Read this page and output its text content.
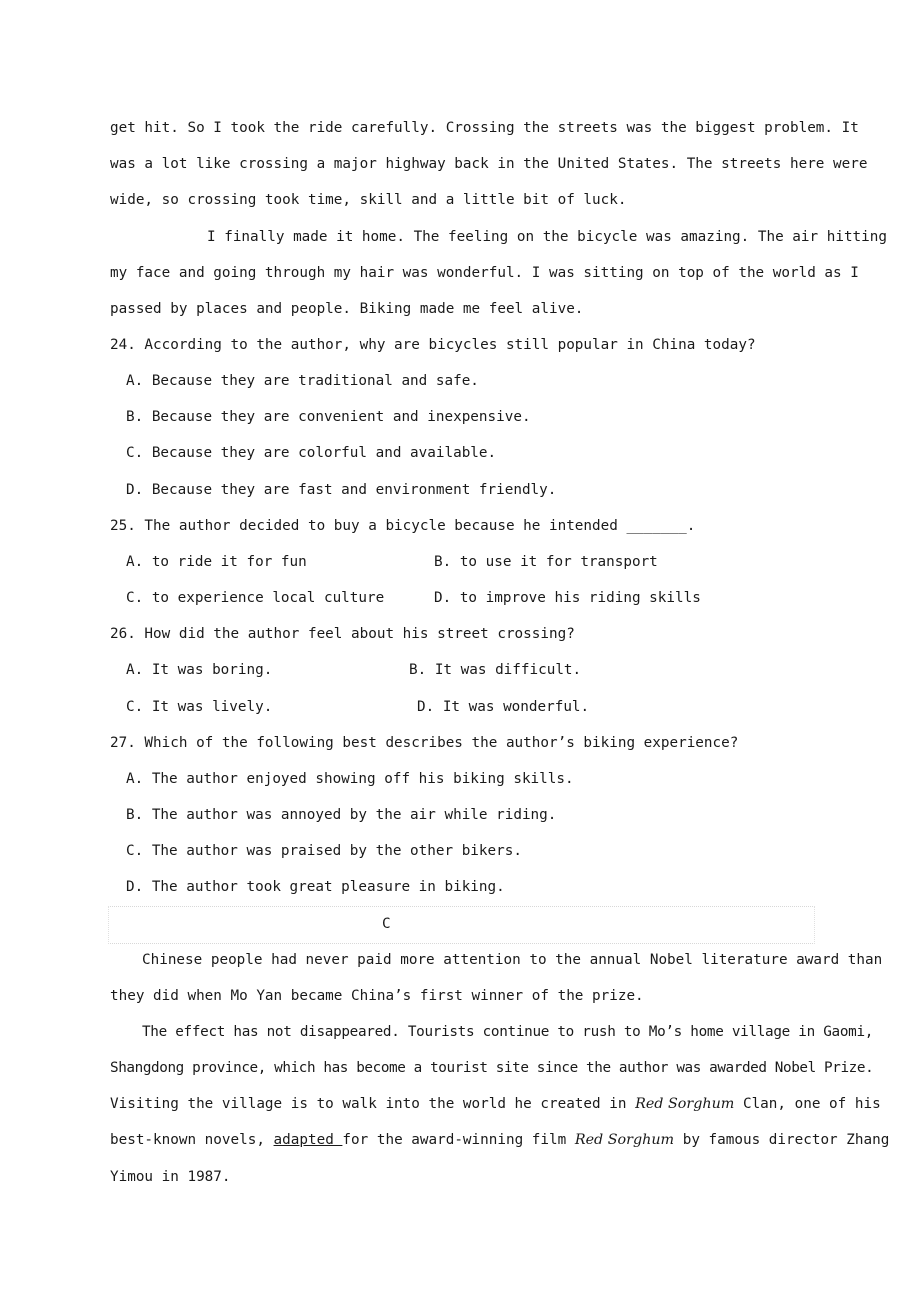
get hit. So I took the ride carefully. Crossing the streets was the biggest problem. It
was a lot like crossing a major highway back in the United States. The streets here were
wide, so crossing took time, skill and a little bit of luck.
I finally made it home. The feeling on the bicycle was amazing. The air hitting
my face and going through my hair was wonderful. I was sitting on top of the world as I
passed by places and people. Biking made me feel alive.
24. According to the author, why are bicycles still popular in China today?
A. Because they are traditional and safe.
B. Because they are convenient and inexpensive.
C. Because they are colorful and available.
D. Because they are fast and environment friendly.
25. The author decided to buy a bicycle because he intended _______.
A. to ride it for fun	B. to use it for transport
C. to experience local culture	D. to improve his riding skills
26. How did the author feel about his street crossing?
A. It was boring.	B. It was difficult.
C. It was lively.	D. It was wonderful.
27. Which of the following best describes the author’s biking experience?
A. The author enjoyed showing off his biking skills.
B. The author was annoyed by the air while riding.
C. The author was praised by the other bikers.
D. The author took great pleasure in biking.
C
Chinese people had never paid more attention to the annual Nobel literature award than
they did when Mo Yan became China’s first winner of the prize.
The effect has not disappeared. Tourists continue to rush to Mo’s home village in Gaomi,
Shangdong province, which has become a tourist site since the author was awarded Nobel Prize.
Visiting the village is to walk into the world he created in Red Sorghum Clan, one of his
best-known novels, adapted for the award-winning film Red Sorghum by famous director Zhang
Yimou in 1987.
